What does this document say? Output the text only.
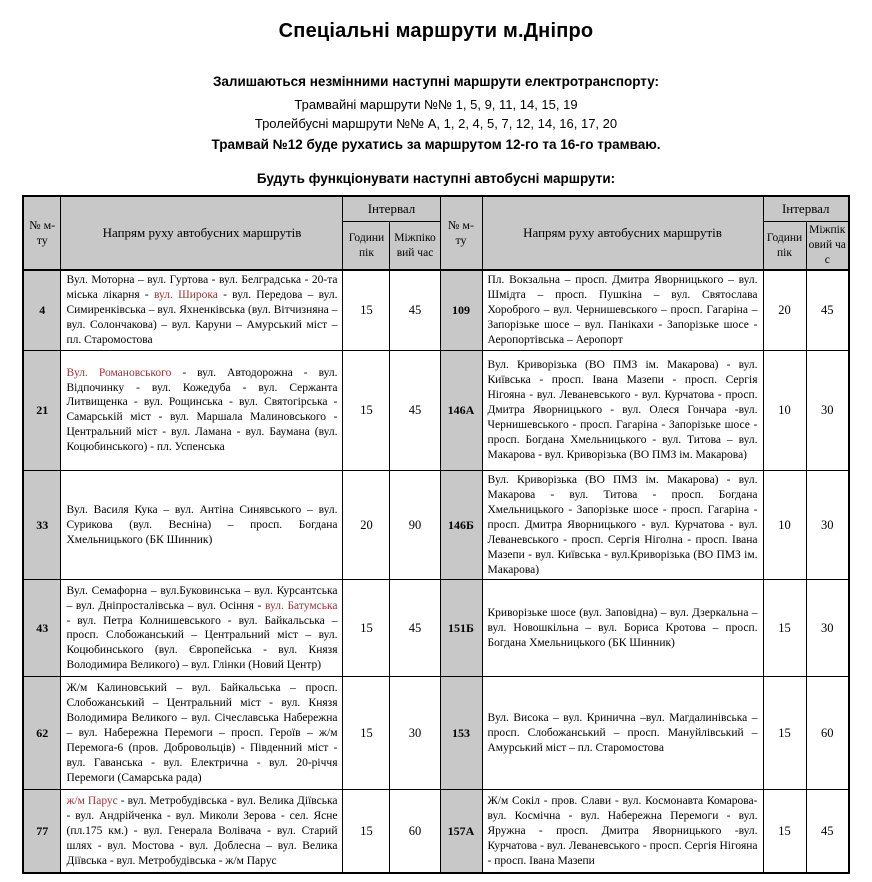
Спеціальні маршрути м.Дніпро

Залишаються незмінними наступні маршрути електротранспорту:

Трамвайні маршрути №№ 1, 5, 9, 11, 14, 15, 19

Тролейбусні маршрути №№ А, 1, 2, 4, 5, 7, 12, 14, 16, 17, 20

Трамвай №12 буде рухатись за маршрутом 12-го та 16-го трамваю.

Будуть функціонувати наступні автобусні маршрути:

№ м-ту	Напрям руху автобусних маршрутів	Інтервал		№ м-ту	Напрям руху автобусних маршрутів	Інтервал	
		Години пік	Міжпіковий час			Години пік	Міжпіковий час
4	Вул. Моторна – вул. Гуртова - вул. Белградська - 20-та міська лікарня - вул. Широка - вул. Передова – вул. Симиренківська – вул. Яхненківська (вул. Вітчизняна – вул. Солончакова) – вул. Каруни – Амурський міст – пл. Старомостова	15	45	109	Пл. Вокзальна – просп. Дмитра Яворницького – вул. Шмідта – просп. Пушкіна – вул. Святослава Хороброго – вул. Чернишевського – просп. Гагаріна – Запорізьке шосе – вул. Панікахи - Запорізьке шосе - Аеропортівська – Аеропорт	20	45
21	Вул. Романовського - вул. Автодорожна - вул. Відпочинку - вул. Кожедуба - вул. Сержанта Литвищенка - вул. Рощинська - вул. Святогірська - Самарській міст - вул. Маршала Малиновського - Центральний міст - вул. Ламана - вул. Баумана (вул. Коцюбинського) - пл. Успенська	15	45	146А	Вул. Криворізька (ВО ПМЗ ім. Макарова) - вул. Київська - просп. Івана Мазепи - просп. Сергія Нігояна - вул. Леваневського - вул. Курчатова - просп. Дмитра Яворницького - вул. Олеся Гончара -вул. Чернишевського - просп. Гагаріна - Запорізьке шосе - просп. Богдана Хмельницького - вул. Титова – вул. Макарова - вул. Криворізька (ВО ПМЗ ім. Макарова)	10	30
33	Вул. Василя Кука – вул. Антіна Синявського – вул. Сурикова (вул. Весніна) – просп. Богдана Хмельницького (БК Шинник)	20	90	146Б	Вул. Криворізька (ВО ПМЗ ім. Макарова) - вул. Макарова - вул. Титова - просп. Богдана Хмельницького - Запорізьке шосе - просп. Гагаріна - просп. Дмитра Яворницького - вул. Курчатова - вул. Леваневського - просп. Сергія Ніголна - просп. Івана Мазепи - вул. Київська - вул.Криворізька (ВО ПМЗ ім. Макарова)	10	30
43	Вул. Семафорна – вул.Буковинська – вул. Курсантська – вул. Дніпросталівська – вул. Осіння - вул. Батумська - вул. Петра Колнишевського - вул. Байкальська – просп. Слобожанський – Центральний міст – вул. Коцюбинського (вул. Європейська - вул. Князя Володимира Великого) – вул. Глінки (Новий Центр)	15	45	151Б	Криворізьке шосе (вул. Заповідна) – вул. Дзеркальна – вул. Новошкільна – вул. Бориса Кротова – просп. Богдана Хмельницького (БК Шинник)	15	30
62	Ж/м Калиновський – вул. Байкальська – просп. Слобожанський – Центральний міст - вул. Князя Володимира Великого – вул. Січеславська Набережна – вул. Набережна Перемоги – просп. Героїв – ж/м Перемога-6 (пров. Добровольців) - Південний міст - вул. Гаванська - вул. Електрична - вул. 20-річчя Перемоги (Самарська рада)	15	30	153	Вул. Висока – вул. Кринична –вул. Магдалинівська – просп. Слобожанський – просп. Мануйлівський – Амурський міст – пл. Старомостова	15	60
77	ж/м Парус - вул. Метробудівська - вул. Велика Діївська - вул. Андрійченка - вул. Миколи Зерова - сел. Ясне (пл.175 км.) - вул. Генерала Волівача - вул. Старий шлях - вул. Мостова - вул. Доблесна – вул. Велика Діївська - вул. Метробудівська - ж/м Парус	15	60	157А	Ж/м Сокіл - пров. Слави - вул. Космонавта Комарова- вул. Космічна - вул. Набережна Перемоги - вул. Яружна - просп. Дмитра Яворницького -вул. Курчатова - вул. Леваневського - просп. Сергія Нігояна - просп. Івана Мазепи	15	45
